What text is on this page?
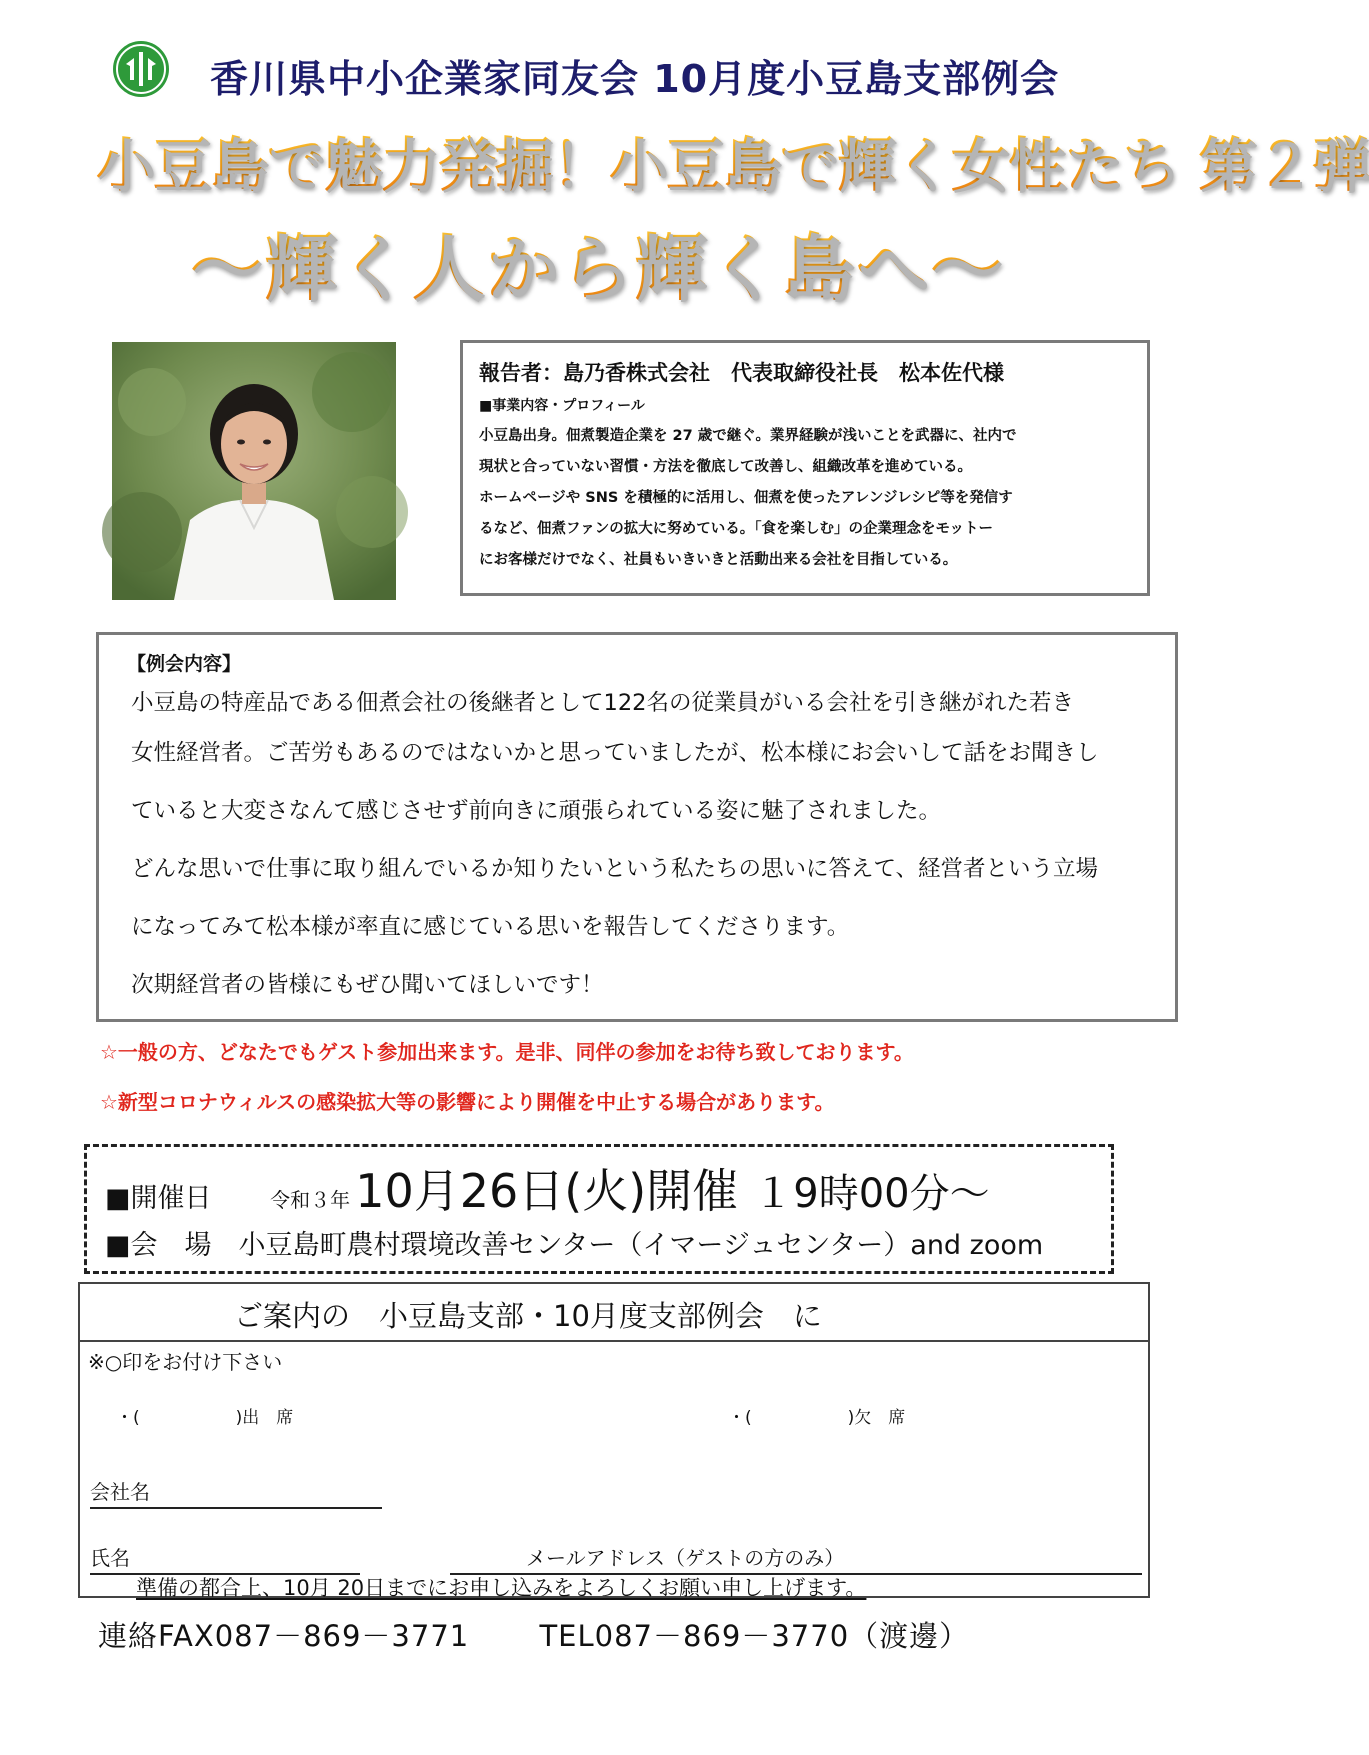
香川県中小企業家同友会 10月度小豆島支部例会
小豆島で魅力発掘！小豆島で輝く女性たち 第２弾
～輝く人から輝く島へ～
報告者：島乃香株式会社　代表取締役社長　松本佐代様
■事業内容・プロフィール
小豆島出身。佃煮製造企業を 27 歳で継ぐ。業界経験が浅いことを武器に、社内で
現状と合っていない習慣・方法を徹底して改善し、組織改革を進めている。
ホームページや SNS を積極的に活用し、佃煮を使ったアレンジレシピ等を発信す
るなど、佃煮ファンの拡大に努めている。「食を楽しむ」の企業理念をモットー
にお客様だけでなく、社員もいきいきと活動出来る会社を目指している。
【例会内容】
小豆島の特産品である佃煮会社の後継者として122名の従業員がいる会社を引き継がれた若き
女性経営者。ご苦労もあるのではないかと思っていましたが、松本様にお会いして話をお聞きし
ていると大変さなんて感じさせず前向きに頑張られている姿に魅了されました。
どんな思いで仕事に取り組んでいるか知りたいという私たちの思いに答えて、経営者という立場
になってみて松本様が率直に感じている思いを報告してくださります。
次期経営者の皆様にもぜひ聞いてほしいです！
☆一般の方、どなたでもゲスト参加出来ます。是非、同伴の参加をお待ち致しております。
☆新型コロナウィルスの感染拡大等の影響により開催を中止する場合があります。
■開催日	令和３年 10月26日(火)開催 １9時00分～
■会　場　 小豆島町農村環境改善センター（イマージュセンター）and zoom
ご案内の　小豆島支部・10月度支部例会　に
※○印をお付け下さい
・(	)出　席	・(	)欠　席
会社名
氏名	メールアドレス（ゲストの方のみ）
準備の都合上、10月 20日までにお申し込みをよろしくお願い申し上げます。
連絡FAX087－869－3771 TEL087－869－3770（渡邊）
